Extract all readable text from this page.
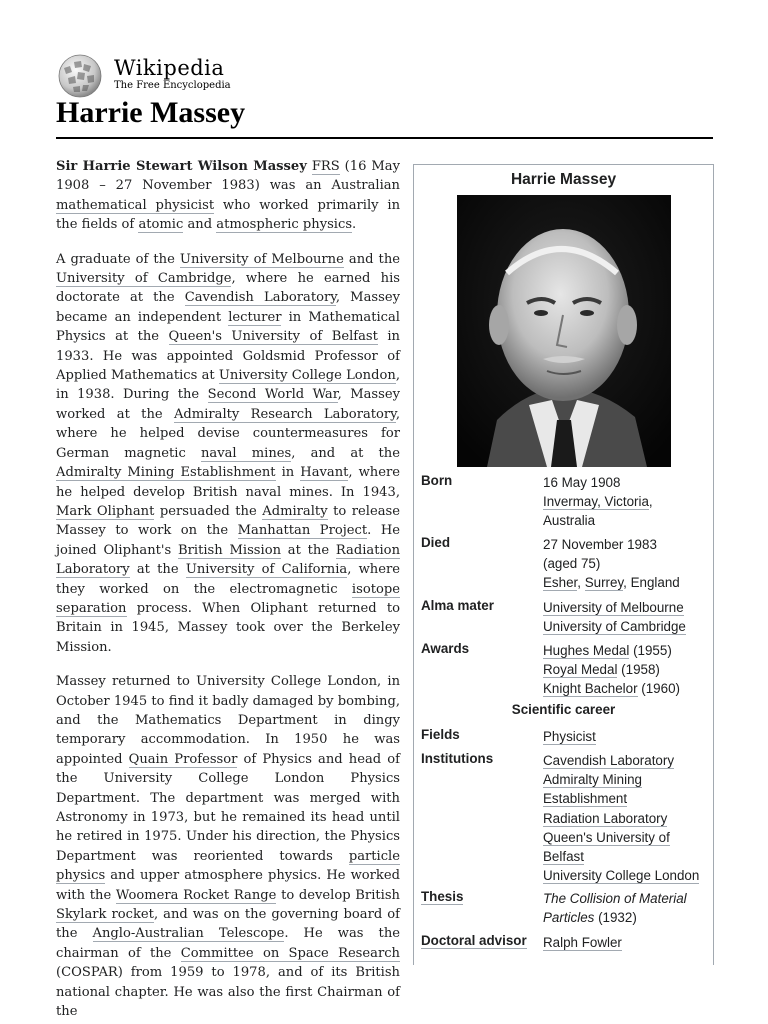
Wikipedia
The Free Encyclopedia
Harrie Massey

Sir Harrie Stewart Wilson Massey FRS (16 May 1908 – 27 November 1983) was an Australian mathematical physicist who worked primarily in the fields of atomic and atmospheric physics.

A graduate of the University of Melbourne and the University of Cambridge, where he earned his doctorate at the Cavendish Laboratory, Massey became an independent lecturer in Mathematical Physics at the Queen's University of Belfast in 1933. He was appointed Goldsmid Professor of Applied Mathematics at University College London, in 1938. During the Second World War, Massey worked at the Admiralty Research Laboratory, where he helped devise countermeasures for German magnetic naval mines, and at the Admiralty Mining Establishment in Havant, where he helped develop British naval mines. In 1943, Mark Oliphant persuaded the Admiralty to release Massey to work on the Manhattan Project. He joined Oliphant's British Mission at the Radiation Laboratory at the University of California, where they worked on the electromagnetic isotope separation process. When Oliphant returned to Britain in 1945, Massey took over the Berkeley Mission.

Massey returned to University College London, in October 1945 to find it badly damaged by bombing, and the Mathematics Department in dingy temporary accommodation. In 1950 he was appointed Quain Professor of Physics and head of the University College London Physics Department. The department was merged with Astronomy in 1973, but he remained its head until he retired in 1975. Under his direction, the Physics Department was reoriented towards particle physics and upper atmosphere physics. He worked with the Woomera Rocket Range to develop British Skylark rocket, and was on the governing board of the Anglo-Australian Telescope. He was the chairman of the Committee on Space Research (COSPAR) from 1959 to 1978, and of its British national chapter. He was also the first Chairman of the

Harrie Massey
Born	16 May 1908
Invermay, Victoria,
Australia
Died	27 November 1983
(aged 75)
Esher, Surrey, England
Alma mater	University of Melbourne
University of Cambridge
Awards	Hughes Medal (1955)
Royal Medal (1958)
Knight Bachelor (1960)
Scientific career
Fields	Physicist
Institutions	Cavendish Laboratory
Admiralty Mining
Establishment
Radiation Laboratory
Queen's University of
Belfast
University College London
Thesis	The Collision of Material
Particles (1932)
Doctoral advisor	Ralph Fowler
